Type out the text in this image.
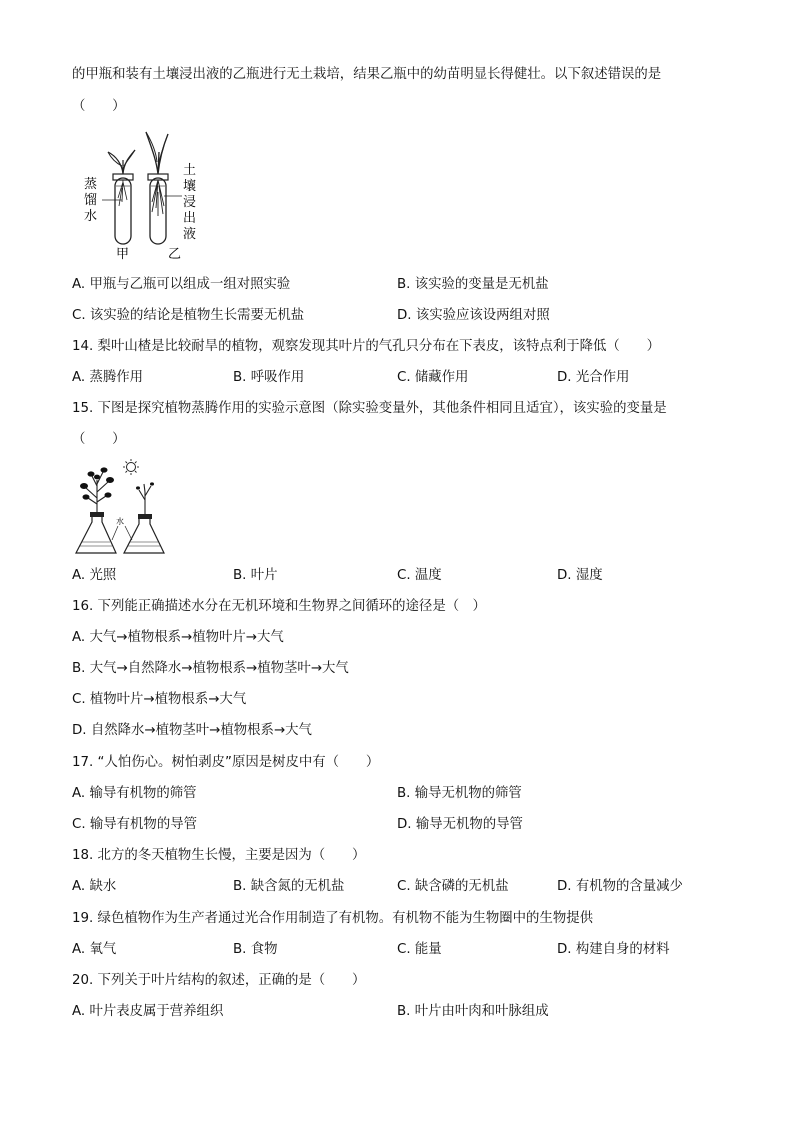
的甲瓶和装有土壤浸出液的乙瓶进行无土栽培，结果乙瓶中的幼苗明显长得健壮。以下叙述错误的是
（　　）
蒸
馏
水
土
壤
浸
出
液
甲	乙
A. 甲瓶与乙瓶可以组成一组对照实验	B. 该实验的变量是无机盐
C. 该实验的结论是植物生长需要无机盐	D. 该实验应该设两组对照
14. 梨叶山楂是比较耐旱的植物，观察发现其叶片的气孔只分布在下表皮，该特点利于降低（　　）
A. 蒸腾作用	B. 呼吸作用	C. 储藏作用	D. 光合作用
15. 下图是探究植物蒸腾作用的实验示意图（除实验变量外，其他条件相同且适宜），该实验的变量是
（　　）
水
A. 光照	B. 叶片	C. 温度	D. 湿度
16. 下列能正确描述水分在无机环境和生物界之间循环的途径是（　）
A. 大气→植物根系→植物叶片→大气
B. 大气→自然降水→植物根系→植物茎叶→大气
C. 植物叶片→植物根系→大气
D. 自然降水→植物茎叶→植物根系→大气
17. “人怕伤心。树怕剥皮”原因是树皮中有（　　）
A. 输导有机物的筛管	B. 输导无机物的筛管
C. 输导有机物的导管	D. 输导无机物的导管
18. 北方的冬天植物生长慢，主要是因为（　　）
A. 缺水	B. 缺含氮的无机盐	C. 缺含磷的无机盐	D. 有机物的含量减少
19. 绿色植物作为生产者通过光合作用制造了有机物。有机物不能为生物圈中的生物提供
A. 氧气	B. 食物	C. 能量	D. 构建自身的材料
20. 下列关于叶片结构的叙述，正确的是（　　）
A. 叶片表皮属于营养组织	B. 叶片由叶肉和叶脉组成
